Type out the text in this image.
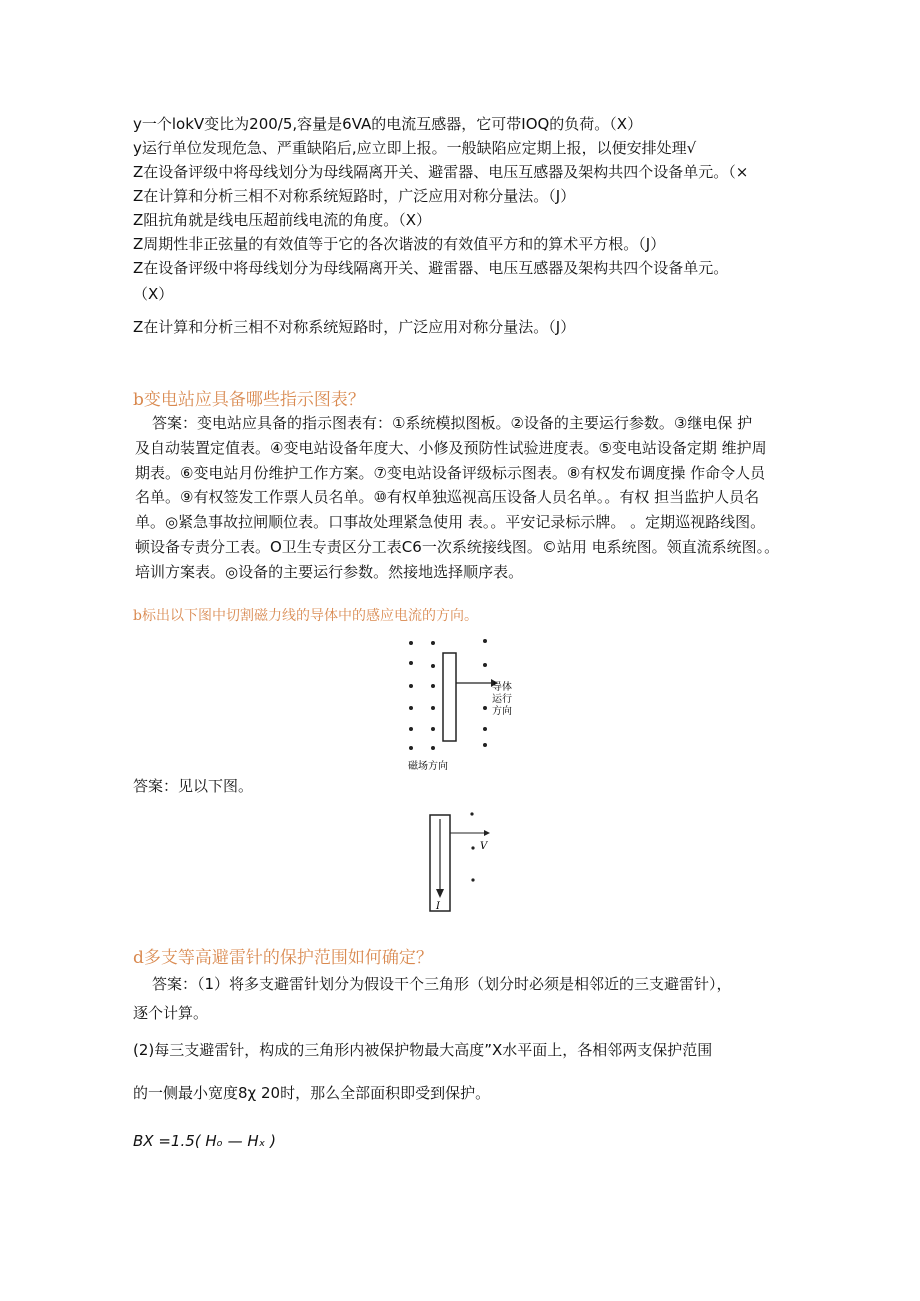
y一个lokV变比为200/5,容量是6VA的电流互感器，它可带IOQ的负荷。（X）
y运行单位发现危急、严重缺陷后,应立即上报。一般缺陷应定期上报，以便安排处理√
Z在设备评级中将母线划分为母线隔离开关、避雷器、电压互感器及架构共四个设备单元。（×
Z在计算和分析三相不对称系统短路时，广泛应用对称分量法。（J）
Z阻抗角就是线电压超前线电流的角度。（X）
Z周期性非正弦量的有效值等于它的各次谐波的有效值平方和的算术平方根。（J）
Z在设备评级中将母线划分为母线隔离开关、避雷器、电压互感器及架构共四个设备单元。
（X）
Z在计算和分析三相不对称系统短路时，广泛应用对称分量法。（J）
b变电站应具备哪些指示图表？

答案：变电站应具备的指示图表有：①系统模拟图板。②设备的主要运行参数。③继电保 护

及自动装置定值表。④变电站设备年度大、小修及预防性试验进度表。⑤变电站设备定期 维护周

期表。⑥变电站月份维护工作方案。⑦变电站设备评级标示图表。⑧有权发布调度操 作命令人员

名单。⑨有权签发工作票人员名单。⑩有权单独巡视高压设备人员名单。。有权 担当监护人员名

单。◎紧急事故拉闸顺位表。口事故处理紧急使用 表。。平安记录标示牌。 。定期巡视路线图。

顿设备专责分工表。O卫生专责区分工表C6一次系统接线图。©站用 电系统图。领直流系统图。。

培训方案表。◎设备的主要运行参数。然接地选择顺序表。

b标出以下图中切割磁力线的导体中的感应电流的方向。
导体
运行
方向
磁场方向
答案：见以下图。
V
I
d多支等高避雷针的保护范围如何确定？
答案：（1）将多支避雷针划分为假设干个三角形（划分时必须是相邻近的三支避雷针），
逐个计算。
(2)每三支避雷针，构成的三角形内被保护物最大高度”X水平面上，各相邻两支保护范围
的一侧最小宽度8χ 20时，那么全部面积即受到保护。
BX =1.5( Hₒ — Hₓ )
